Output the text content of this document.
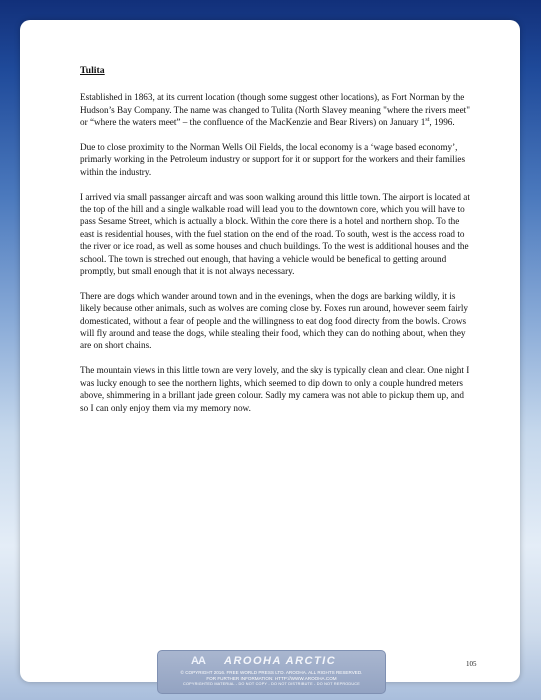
Tulita

Established in 1863, at its current location (though some suggest other locations), as Fort Norman by the Hudson’s Bay Company. The name was changed to Tulita (North Slavey meaning "where the rivers meet" or “where the waters meet” – the confluence of the MacKenzie and Bear Rivers) on January 1st, 1996.

Due to close proximity to the Norman Wells Oil Fields, the local economy is a ‘wage based economy’, primarly working in the Petroleum industry or support for it or support for the workers and their families within the industry.

I arrived via small passanger aircaft and was soon walking around this little town. The airport is located at the top of the hill and a single walkable road will lead you to the downtown core, which you will have to pass Sesame Street, which is actually a block. Within the core there is a hotel and northern shop. To the east is residential houses, with the fuel station on the end of the road. To south, west is the access road to the river or ice road, as well as some houses and chuch buildings. To the west is additional houses and the school. The town is streched out enough, that having a vehicle would be benefical to getting around promptly, but small enough that it is not always necessary.

There are dogs which wander around town and in the evenings, when the dogs are barking wildly, it is likely because other animals, such as wolves are coming close by. Foxes run around, however seem fairly domesticated, without a fear of people and the willingness to eat dog food directy from the bowls. Crows will fly around and tease the dogs, while stealing their food, which they can do nothing about, when they are on short chains.

The mountain views in this little town are very lovely, and the sky is typically clean and clear. One night I was lucky enough to see the northern lights, which seemed to dip down to only a couple hundred meters above, shimmering in a brillant jade green colour. Sadly my camera was not able to pickup them up, and so I can only enjoy them via my memory now.

105
AA AROOHA ARCTIC
© COPYRIGHT 2016. FREE WORLD PRESS LTD. AROOHA. ALL RIGHTS RESERVED.
FOR FURTHER INFORMATION: HTTP://WWW.AROOHA.COM
COPYRIGHTED MATERIAL - DO NOT COPY - DO NOT DISTRIBUTE - DO NOT REPRODUCE
